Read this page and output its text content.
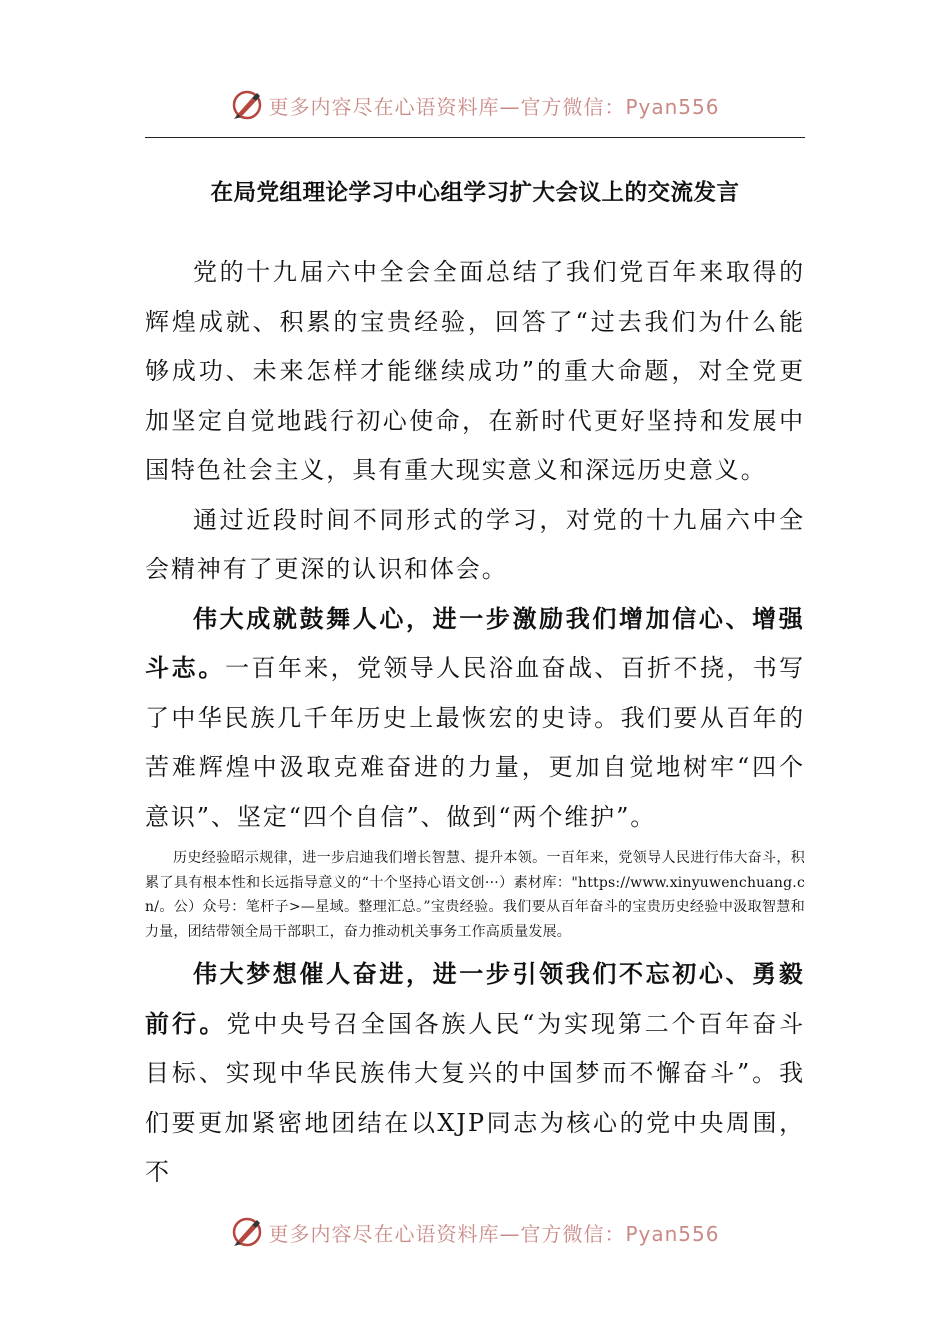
更多内容尽在心语资料库—官方微信：Pyan556
在局党组理论学习中心组学习扩大会议上的交流发言

党的十九届六中全会全面总结了我们党百年来取得的辉煌成就、积累的宝贵经验，回答了“过去我们为什么能够成功、未来怎样才能继续成功”的重大命题，对全党更加坚定自觉地践行初心使命，在新时代更好坚持和发展中国特色社会主义，具有重大现实意义和深远历史意义。

通过近段时间不同形式的学习，对党的十九届六中全会精神有了更深的认识和体会。

伟大成就鼓舞人心，进一步激励我们增加信心、增强斗志。一百年来，党领导人民浴血奋战、百折不挠，书写了中华民族几千年历史上最恢宏的史诗。我们要从百年的苦难辉煌中汲取克难奋进的力量，更加自觉地树牢“四个意识”、坚定“四个自信”、做到“两个维护”。

历史经验昭示规律，进一步启迪我们增长智慧、提升本领。一百年来，党领导人民进行伟大奋斗，积累了具有根本性和长远指导意义的“十个坚持心语文创···）素材库："https://www.xinyuwenchuang.cn/。公）众号：笔杆子>—星域。整理汇总。”宝贵经验。我们要从百年奋斗的宝贵历史经验中汲取智慧和力量，团结带领全局干部职工，奋力推动机关事务工作高质量发展。

伟大梦想催人奋进，进一步引领我们不忘初心、勇毅前行。党中央号召全国各族人民“为实现第二个百年奋斗目标、实现中华民族伟大复兴的中国梦而不懈奋斗”。我们要更加紧密地团结在以XJP同志为核心的党中央周围，不

更多内容尽在心语资料库—官方微信：Pyan556
